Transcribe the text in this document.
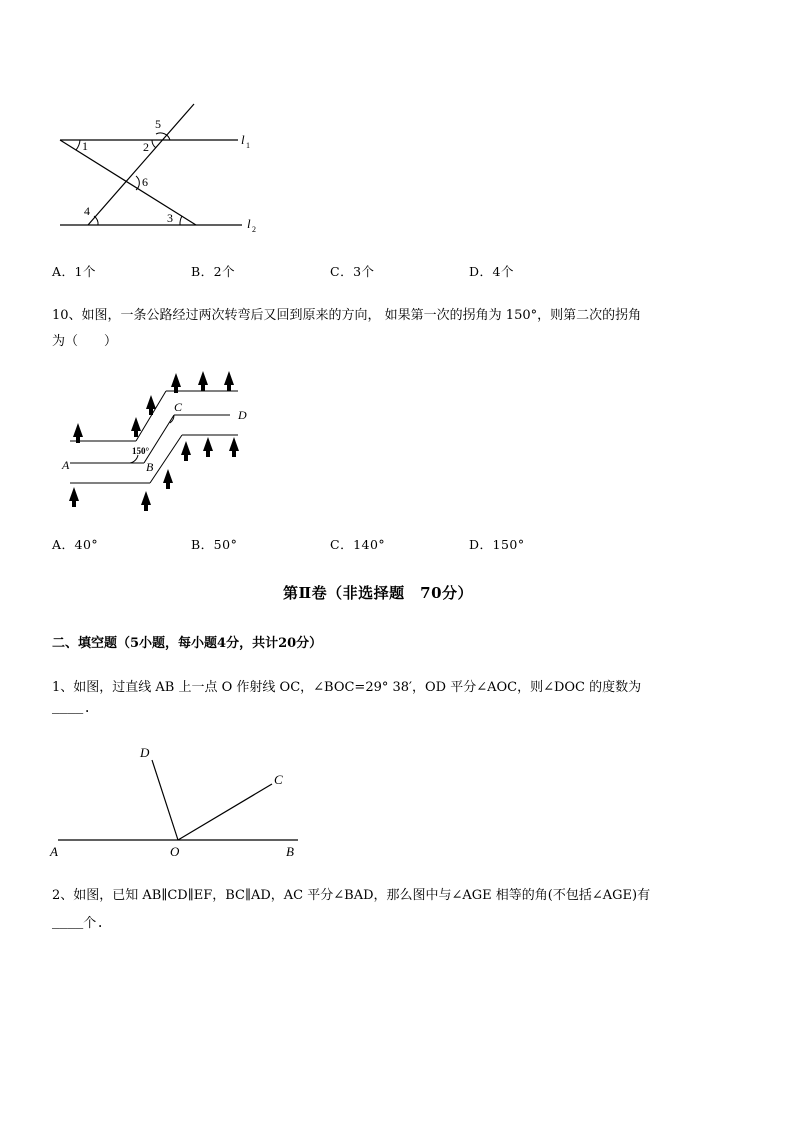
1	2
5
6
4	3
l 1
l 2
A．1个	B．2个	C．3个	D．4个
10、如图，一条公路经过两次转弯后又回到原来的方向， 如果第一次的拐角为 150°，则第二次的拐角
为（　　）
A	B
C
D
150°
A．40°	B．50°	C．140°	D．150°
第Ⅱ卷（非选择题　70分）
二、填空题（5小题，每小题4分，共计20分）
1、如图，过直线 AB 上一点 O 作射线 OC，∠BOC=29° 38′，OD 平分∠AOC，则∠DOC 的度数为
____.
A	O	B
C
D
2、如图，已知 AB∥CD∥EF，BC∥AD，AC 平分∠BAD，那么图中与∠AGE 相等的角(不包括∠AGE)有
____个.
